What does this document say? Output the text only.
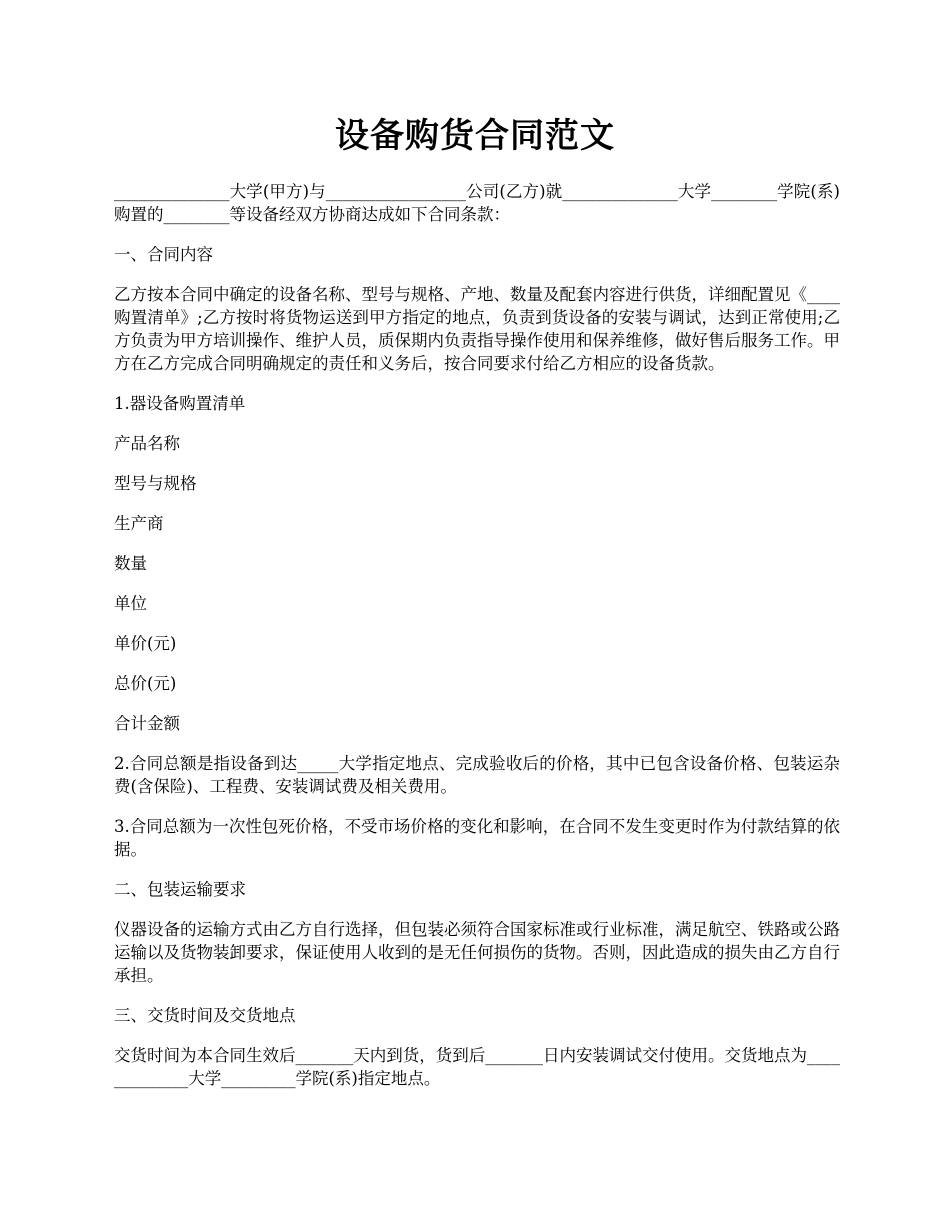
设备购货合同范文

______________大学(甲方)与_________________公司(乙方)就______________大学________学院(系)购置的________等设备经双方协商达成如下合同条款：

一、合同内容

乙方按本合同中确定的设备名称、型号与规格、产地、数量及配套内容进行供货，详细配置见《____购置清单》;乙方按时将货物运送到甲方指定的地点，负责到货设备的安装与调试，达到正常使用;乙方负责为甲方培训操作、维护人员，质保期内负责指导操作使用和保养维修，做好售后服务工作。甲方在乙方完成合同明确规定的责任和义务后，按合同要求付给乙方相应的设备货款。

1.器设备购置清单

产品名称

型号与规格

生产商

数量

单位

单价(元)

总价(元)

合计金额

2.合同总额是指设备到达_____大学指定地点、完成验收后的价格，其中已包含设备价格、包装运杂费(含保险)、工程费、安装调试费及相关费用。

3.合同总额为一次性包死价格，不受市场价格的变化和影响，在合同不发生变更时作为付款结算的依据。

二、包装运输要求

仪器设备的运输方式由乙方自行选择，但包装必须符合国家标准或行业标准，满足航空、铁路或公路运输以及货物装卸要求，保证使用人收到的是无任何损伤的货物。否则，因此造成的损失由乙方自行承担。

三、交货时间及交货地点

交货时间为本合同生效后_______天内到货，货到后_______日内安装调试交付使用。交货地点为_____________大学_________学院(系)指定地点。
